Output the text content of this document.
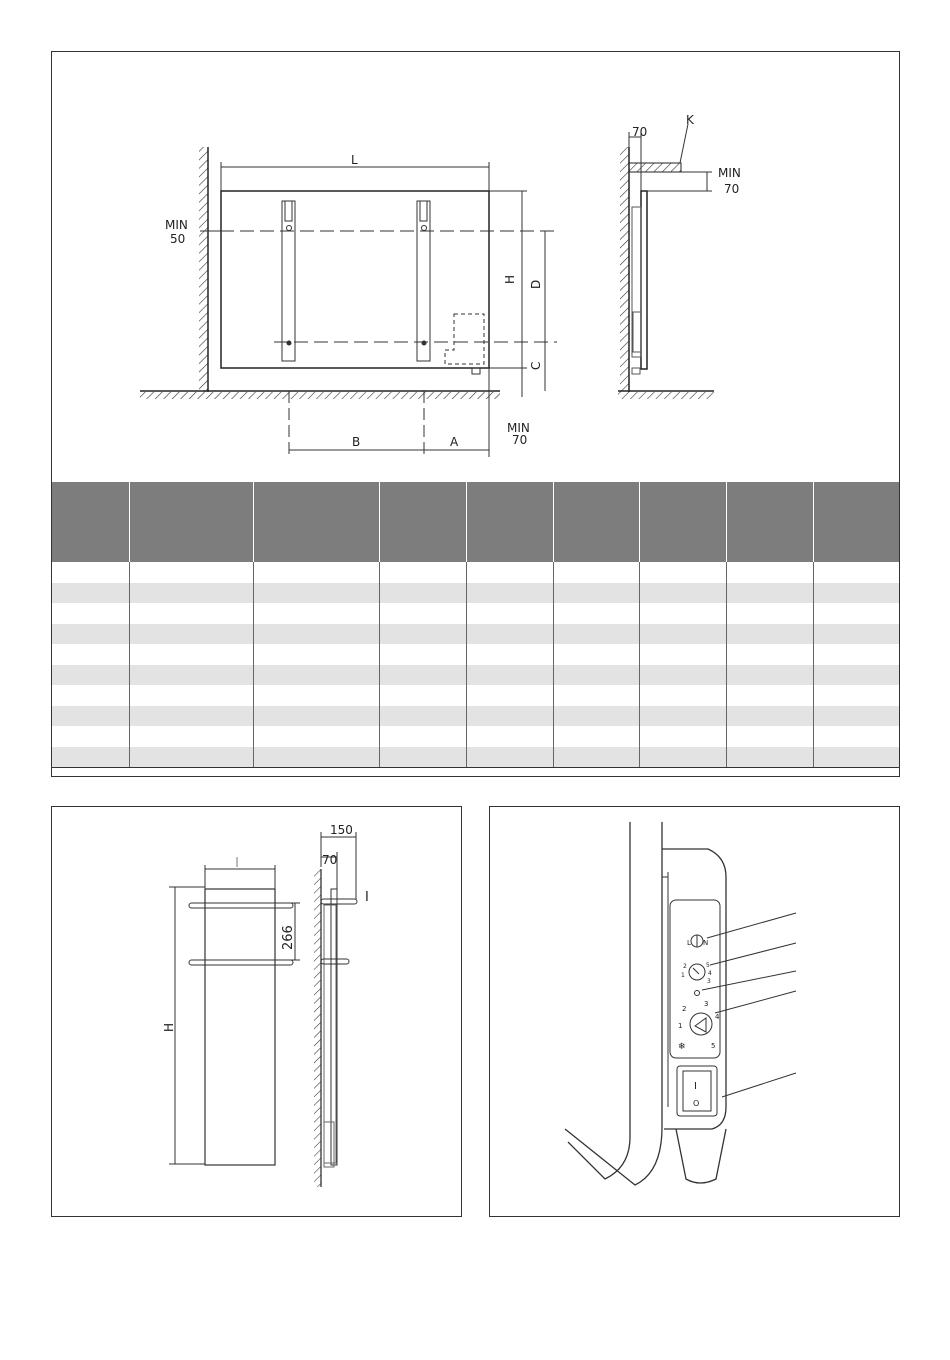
L
MIN
50
H
D
C
B	A
MIN
70
70
K
MIN
70

H
266
150
70
I
L N
5
4
3
2
1
1
2
3
4
5
❄
I
O
